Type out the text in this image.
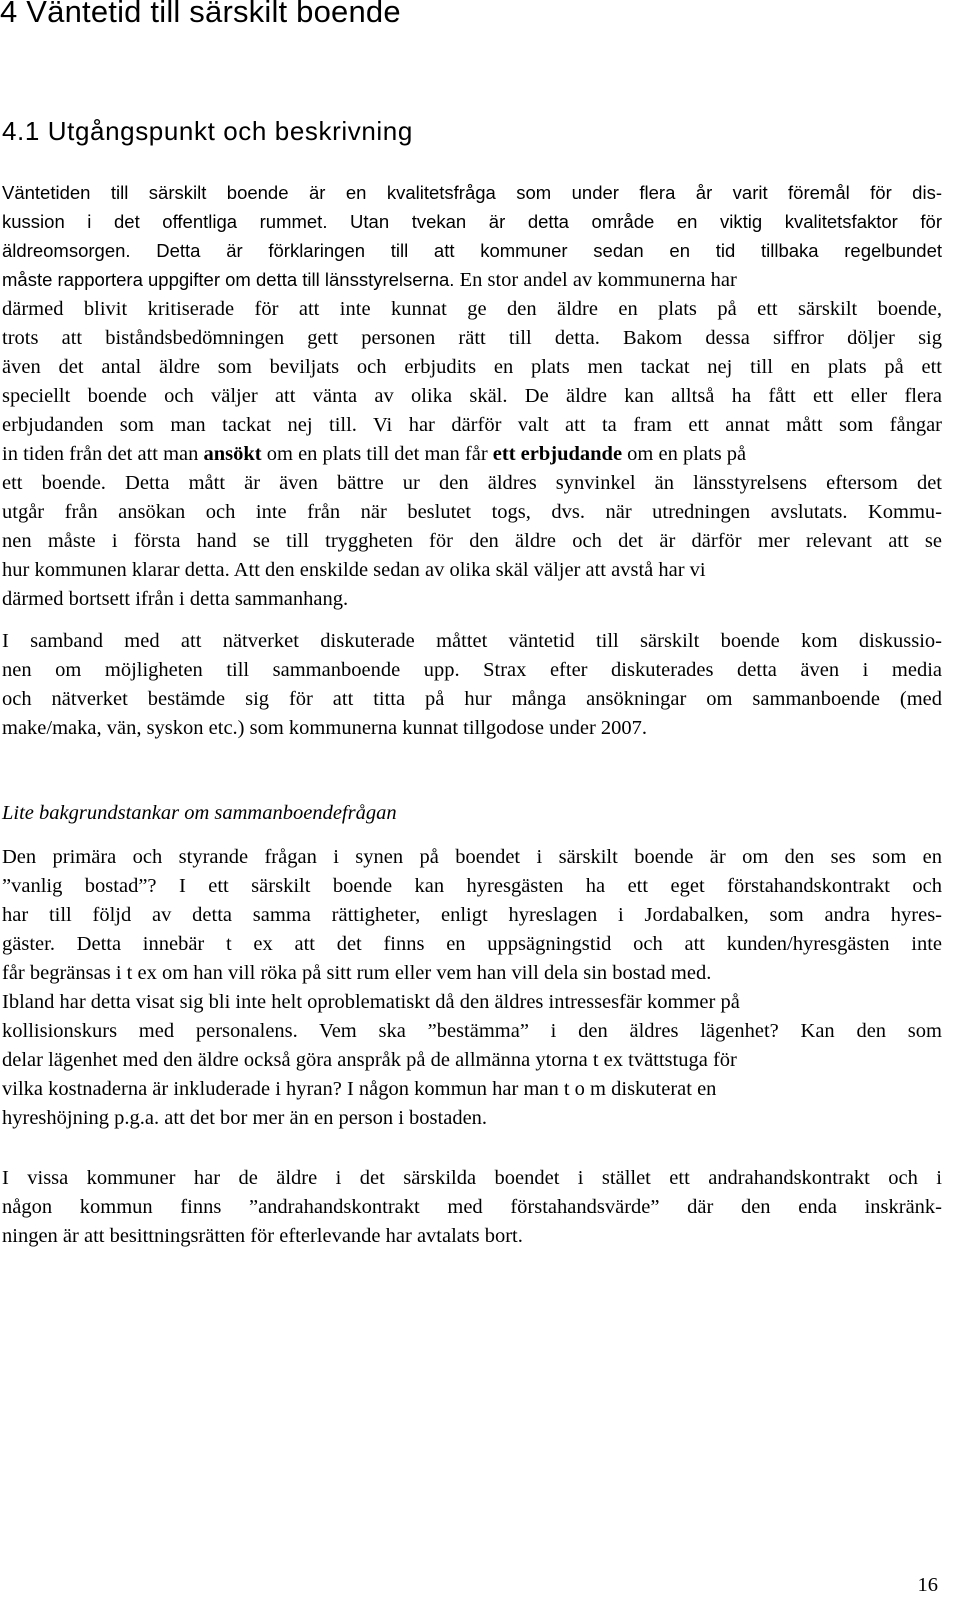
4 Väntetid till särskilt boende
4.1 Utgångspunkt och beskrivning
Väntetiden till särskilt boende är en kvalitetsfråga som under flera år varit föremål för dis-
kussion i det offentliga rummet. Utan tvekan är detta område en viktig kvalitetsfaktor för
äldreomsorgen. Detta är förklaringen till att kommuner sedan en tid tillbaka regelbundet
måste rapportera uppgifter om detta till länsstyrelserna. En stor andel av kommunerna har
därmed blivit kritiserade för att inte kunnat ge den äldre en plats på ett särskilt boende,
trots att biståndsbedömningen gett personen rätt till detta. Bakom dessa siffror döljer sig
även det antal äldre som beviljats och erbjudits en plats men tackat nej till en plats på ett
speciellt boende och väljer att vänta av olika skäl. De äldre kan alltså ha fått ett eller flera
erbjudanden som man tackat nej till. Vi har därför valt att ta fram ett annat mått som fångar
in tiden från det att man ansökt om en plats till det man får ett erbjudande om en plats på
ett boende. Detta mått är även bättre ur den äldres synvinkel än länsstyrelsens eftersom det
utgår från ansökan och inte från när beslutet togs, dvs. när utredningen avslutats. Kommu-
nen måste i första hand se till tryggheten för den äldre och det är därför mer relevant att se
hur kommunen klarar detta. Att den enskilde sedan av olika skäl väljer att avstå har vi
därmed bortsett ifrån i detta sammanhang.
I samband med att nätverket diskuterade måttet väntetid till särskilt boende kom diskussio-
nen om möjligheten till sammanboende upp. Strax efter diskuterades detta även i media
och nätverket bestämde sig för att titta på hur många ansökningar om sammanboende (med
make/maka, vän, syskon etc.) som kommunerna kunnat tillgodose under 2007.
Lite bakgrundstankar om sammanboendefrågan
Den primära och styrande frågan i synen på boendet i särskilt boende är om den ses som en
”vanlig bostad”? I ett särskilt boende kan hyresgästen ha ett eget förstahandskontrakt och
har till följd av detta samma rättigheter, enligt hyreslagen i Jordabalken, som andra hyres-
gäster. Detta innebär t ex att det finns en uppsägningstid och att kunden/hyresgästen inte
får begränsas i t ex om han vill röka på sitt rum eller vem han vill dela sin bostad med.
Ibland har detta visat sig bli inte helt oproblematiskt då den äldres intressesfär kommer på
kollisionskurs med personalens. Vem ska ”bestämma” i den äldres lägenhet? Kan den som
delar lägenhet med den äldre också göra anspråk på de allmänna ytorna t ex tvättstuga för
vilka kostnaderna är inkluderade i hyran? I någon kommun har man t o m diskuterat en
hyreshöjning p.g.a. att det bor mer än en person i bostaden.
I vissa kommuner har de äldre i det särskilda boendet i stället ett andrahandskontrakt och i
någon kommun finns ”andrahandskontrakt med förstahandsvärde” där den enda inskränk-
ningen är att besittningsrätten för efterlevande har avtalats bort.
16
